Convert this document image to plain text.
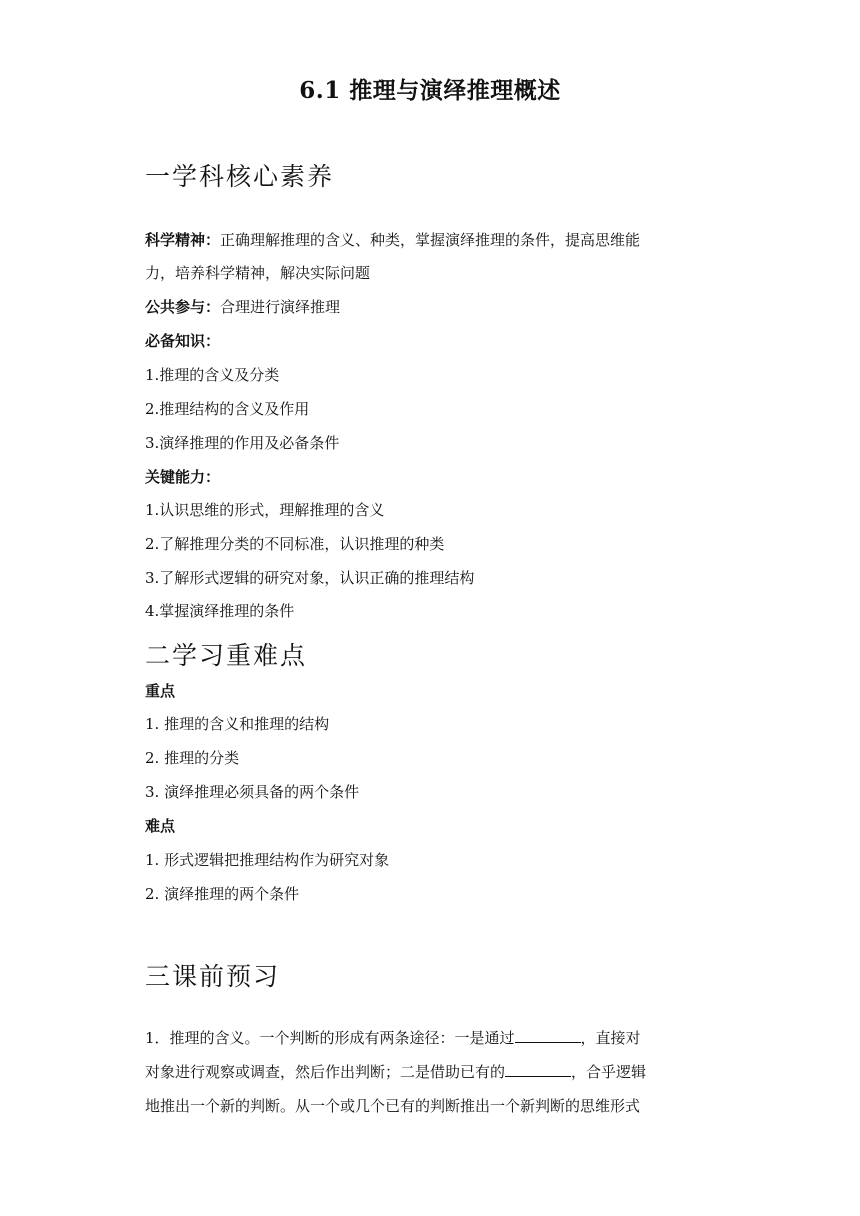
6.1 推理与演绎推理概述
一学科核心素养
科学精神：正确理解推理的含义、种类，掌握演绎推理的条件，提高思维能
力，培养科学精神，解决实际问题
公共参与：合理进行演绎推理
必备知识：
1.推理的含义及分类
2.推理结构的含义及作用
3.演绎推理的作用及必备条件
关键能力：
1.认识思维的形式，理解推理的含义
2.了解推理分类的不同标准，认识推理的种类
3.了解形式逻辑的研究对象，认识正确的推理结构
4.掌握演绎推理的条件
二学习重难点
重点
1. 推理的含义和推理的结构
2. 推理的分类
3. 演绎推理必须具备的两个条件
难点
1. 形式逻辑把推理结构作为研究对象
2. 演绎推理的两个条件
三课前预习
1．推理的含义。一个判断的形成有两条途径：一是通过	，直接对
对象进行观察或调查，然后作出判断；二是借助已有的	，合乎逻辑
地推出一个新的判断。从一个或几个已有的判断推出一个新判断的思维形式
